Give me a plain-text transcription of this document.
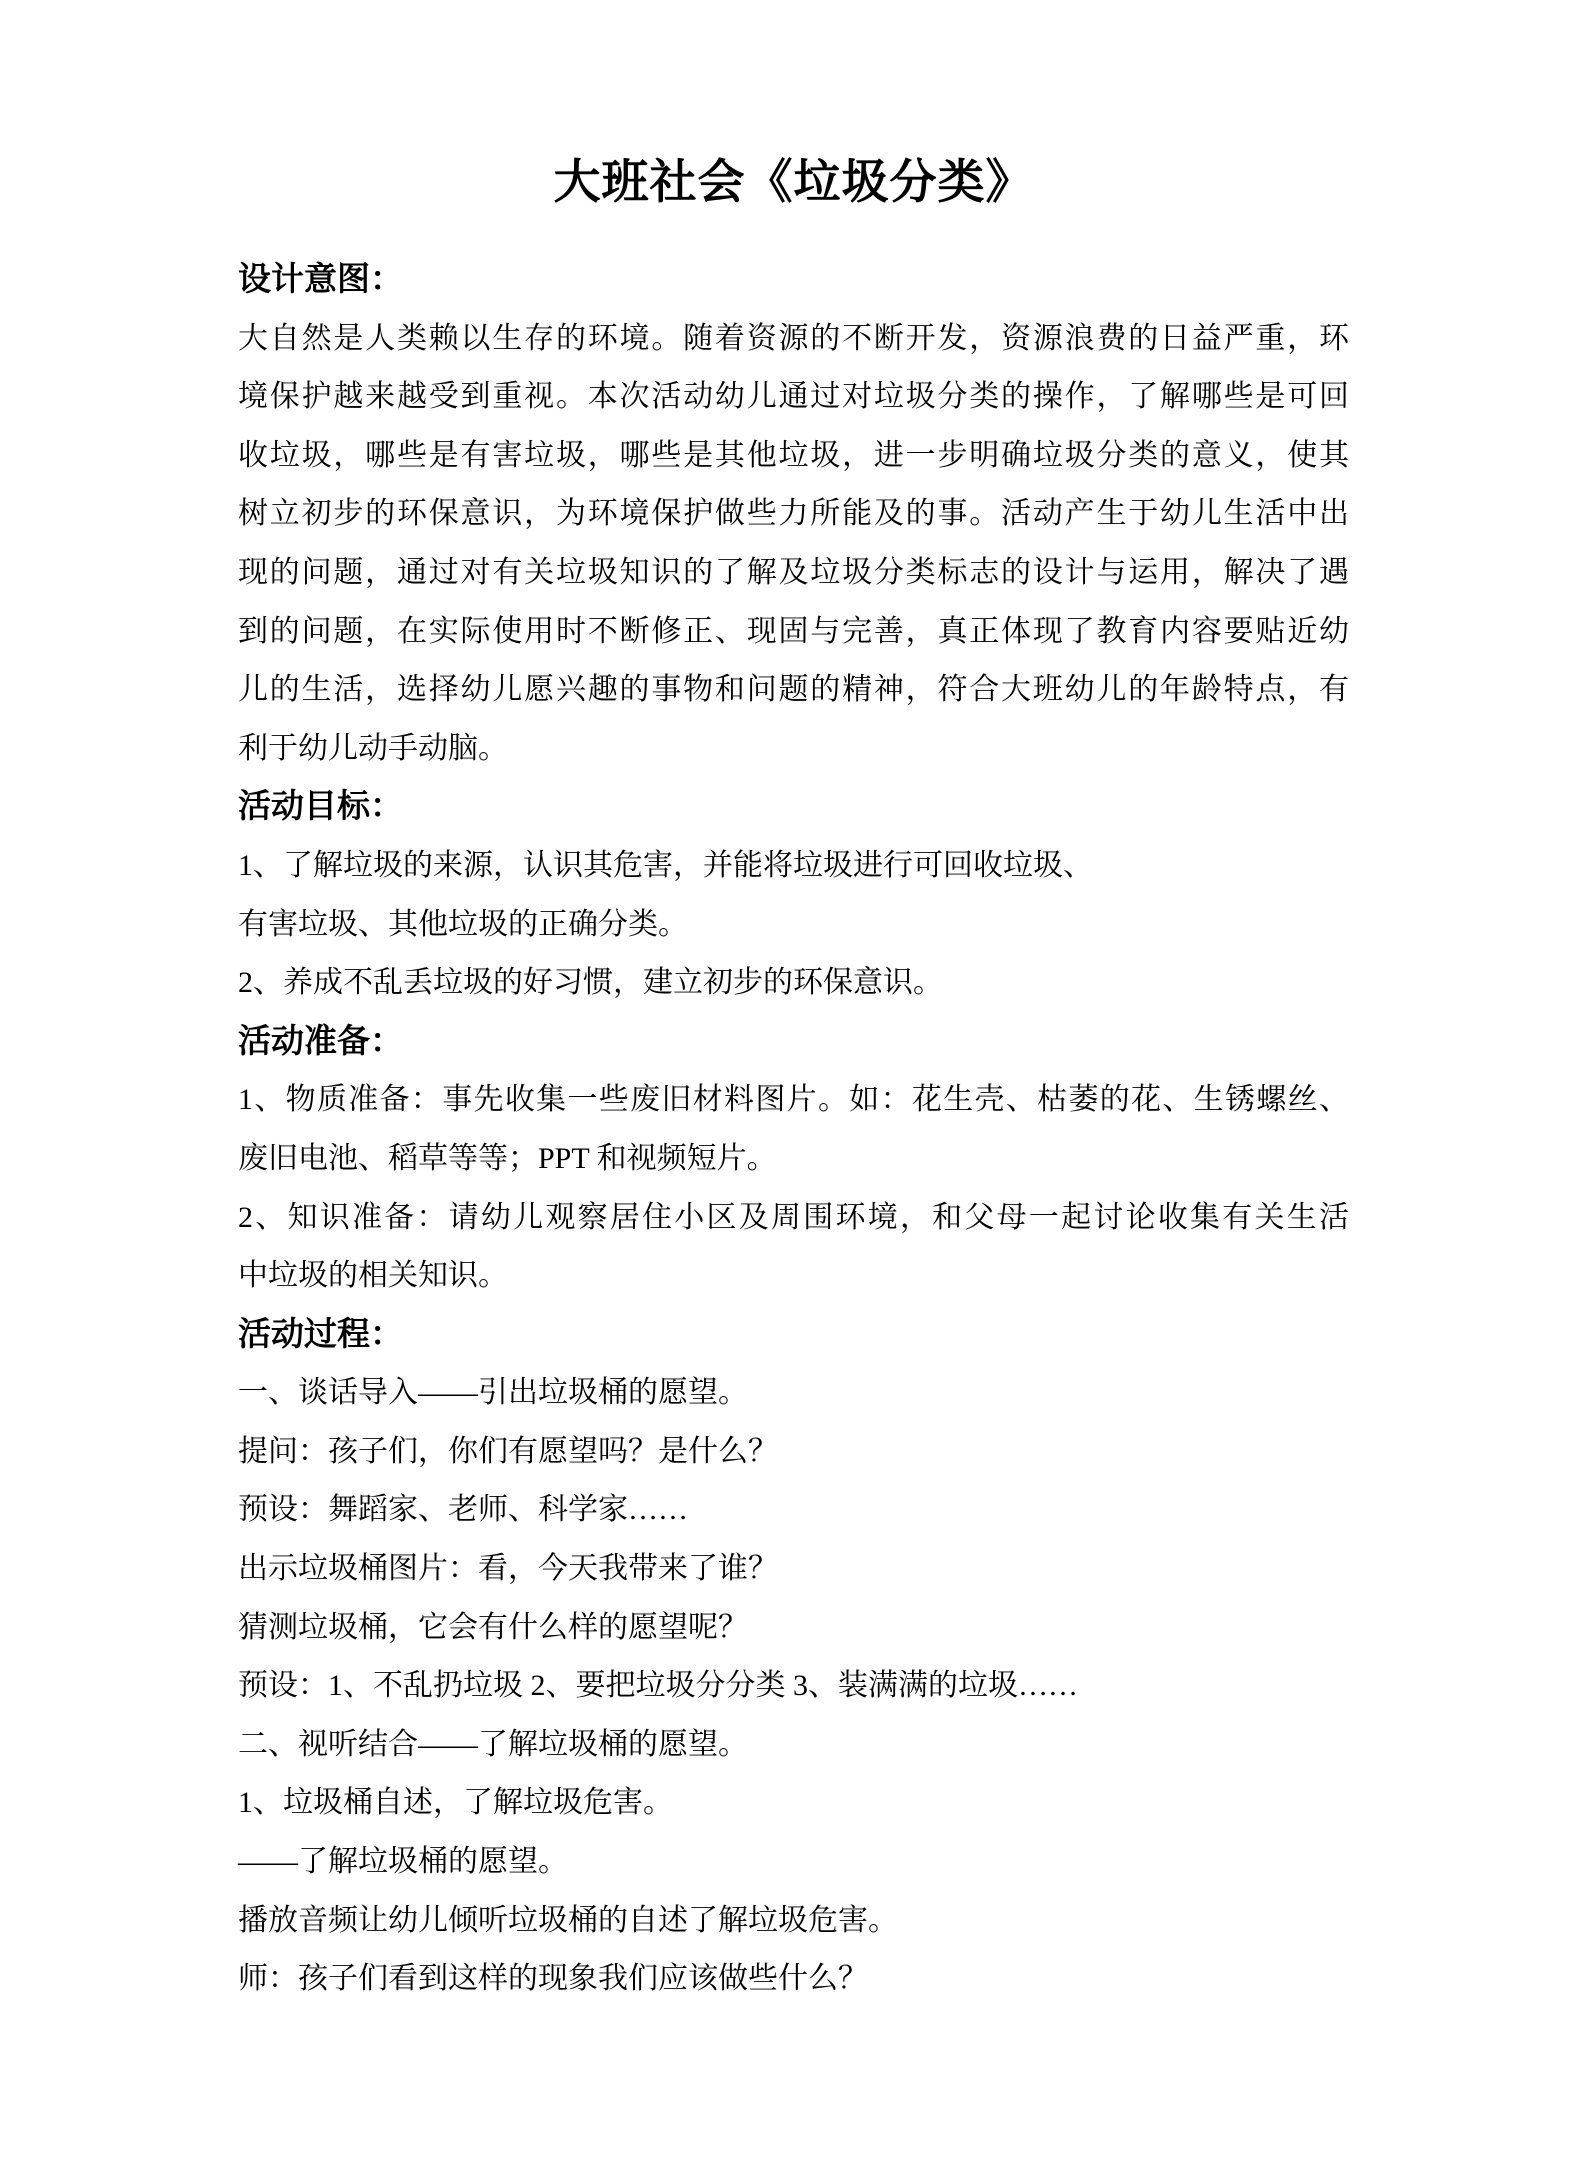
大班社会《垃圾分类》
设计意图：
大自然是人类赖以生存的环境。随着资源的不断开发，资源浪费的日益严重，环
境保护越来越受到重视。本次活动幼儿通过对垃圾分类的操作，了解哪些是可回
收垃圾，哪些是有害垃圾，哪些是其他垃圾，进一步明确垃圾分类的意义，使其
树立初步的环保意识，为环境保护做些力所能及的事。活动产生于幼儿生活中出
现的问题，通过对有关垃圾知识的了解及垃圾分类标志的设计与运用，解决了遇
到的问题，在实际使用时不断修正、现固与完善，真正体现了教育内容要贴近幼
儿的生活，选择幼儿愿兴趣的事物和问题的精神，符合大班幼儿的年龄特点，有
利于幼儿动手动脑。
活动目标：
1、了解垃圾的来源，认识其危害，并能将垃圾进行可回收垃圾、
有害垃圾、其他垃圾的正确分类。
2、养成不乱丢垃圾的好习惯，建立初步的环保意识。
活动准备：
1、物质准备：事先收集一些废旧材料图片。如：花生壳、枯萎的花、生锈螺丝、
废旧电池、稻草等等；PPT 和视频短片。
2、知识准备：请幼儿观察居住小区及周围环境，和父母一起讨论收集有关生活
中垃圾的相关知识。
活动过程：
一、谈话导入——引出垃圾桶的愿望。
提问：孩子们，你们有愿望吗？是什么？
预设：舞蹈家、老师、科学家……
出示垃圾桶图片：看，今天我带来了谁？
猜测垃圾桶，它会有什么样的愿望呢？
预设：1、不乱扔垃圾 2、要把垃圾分分类 3、装满满的垃圾……
二、视听结合——了解垃圾桶的愿望。
1、垃圾桶自述，了解垃圾危害。
——了解垃圾桶的愿望。
播放音频让幼儿倾听垃圾桶的自述了解垃圾危害。
师：孩子们看到这样的现象我们应该做些什么？
